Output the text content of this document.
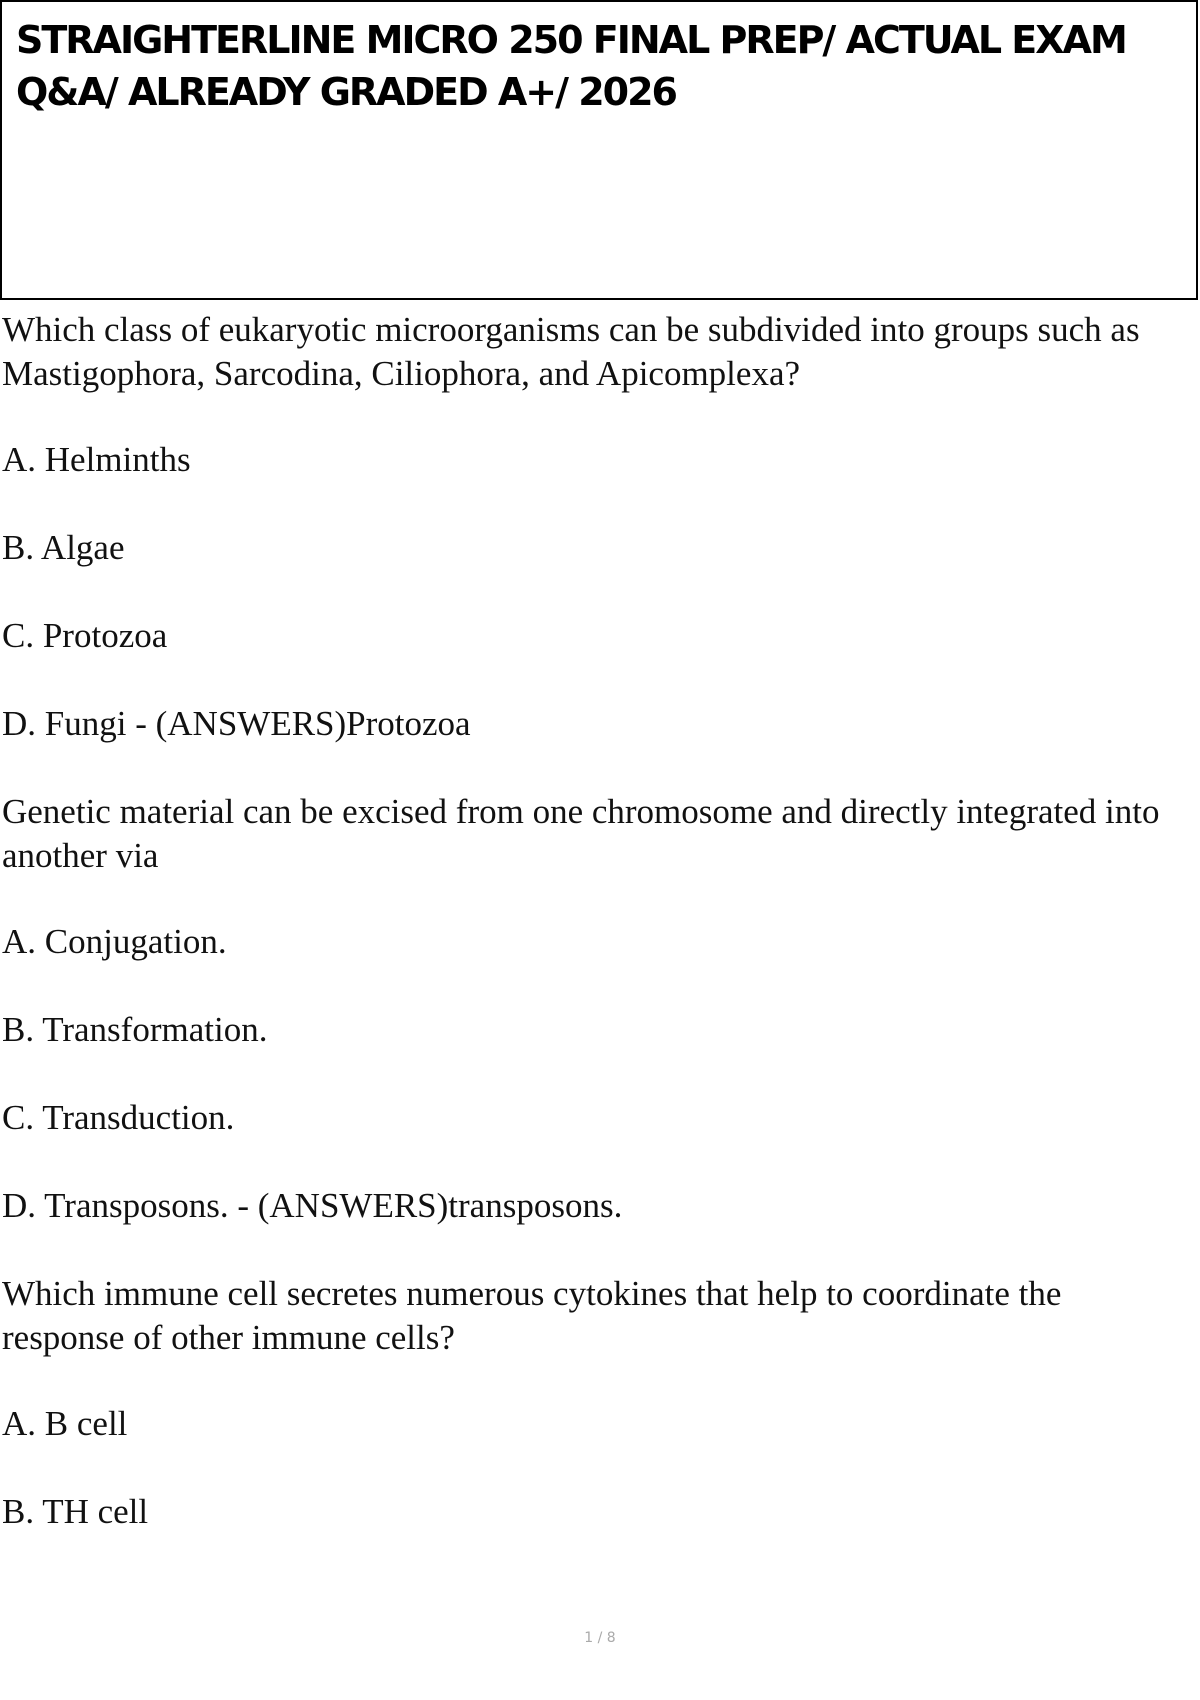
STRAIGHTERLINE MICRO 250 FINAL PREP/ ACTUAL EXAM Q&A/ ALREADY GRADED A+/ 2026

Which class of eukaryotic microorganisms can be subdivided into groups such as Mastigophora, Sarcodina, Ciliophora, and Apicomplexa?

A. Helminths

B. Algae

C. Protozoa

D. Fungi - (ANSWERS)Protozoa

Genetic material can be excised from one chromosome and directly integrated into another via

A. Conjugation.

B. Transformation.

C. Transduction.

D. Transposons. - (ANSWERS)transposons.

Which immune cell secretes numerous cytokines that help to coordinate the response of other immune cells?

A. B cell

B. TH cell

1 / 8
